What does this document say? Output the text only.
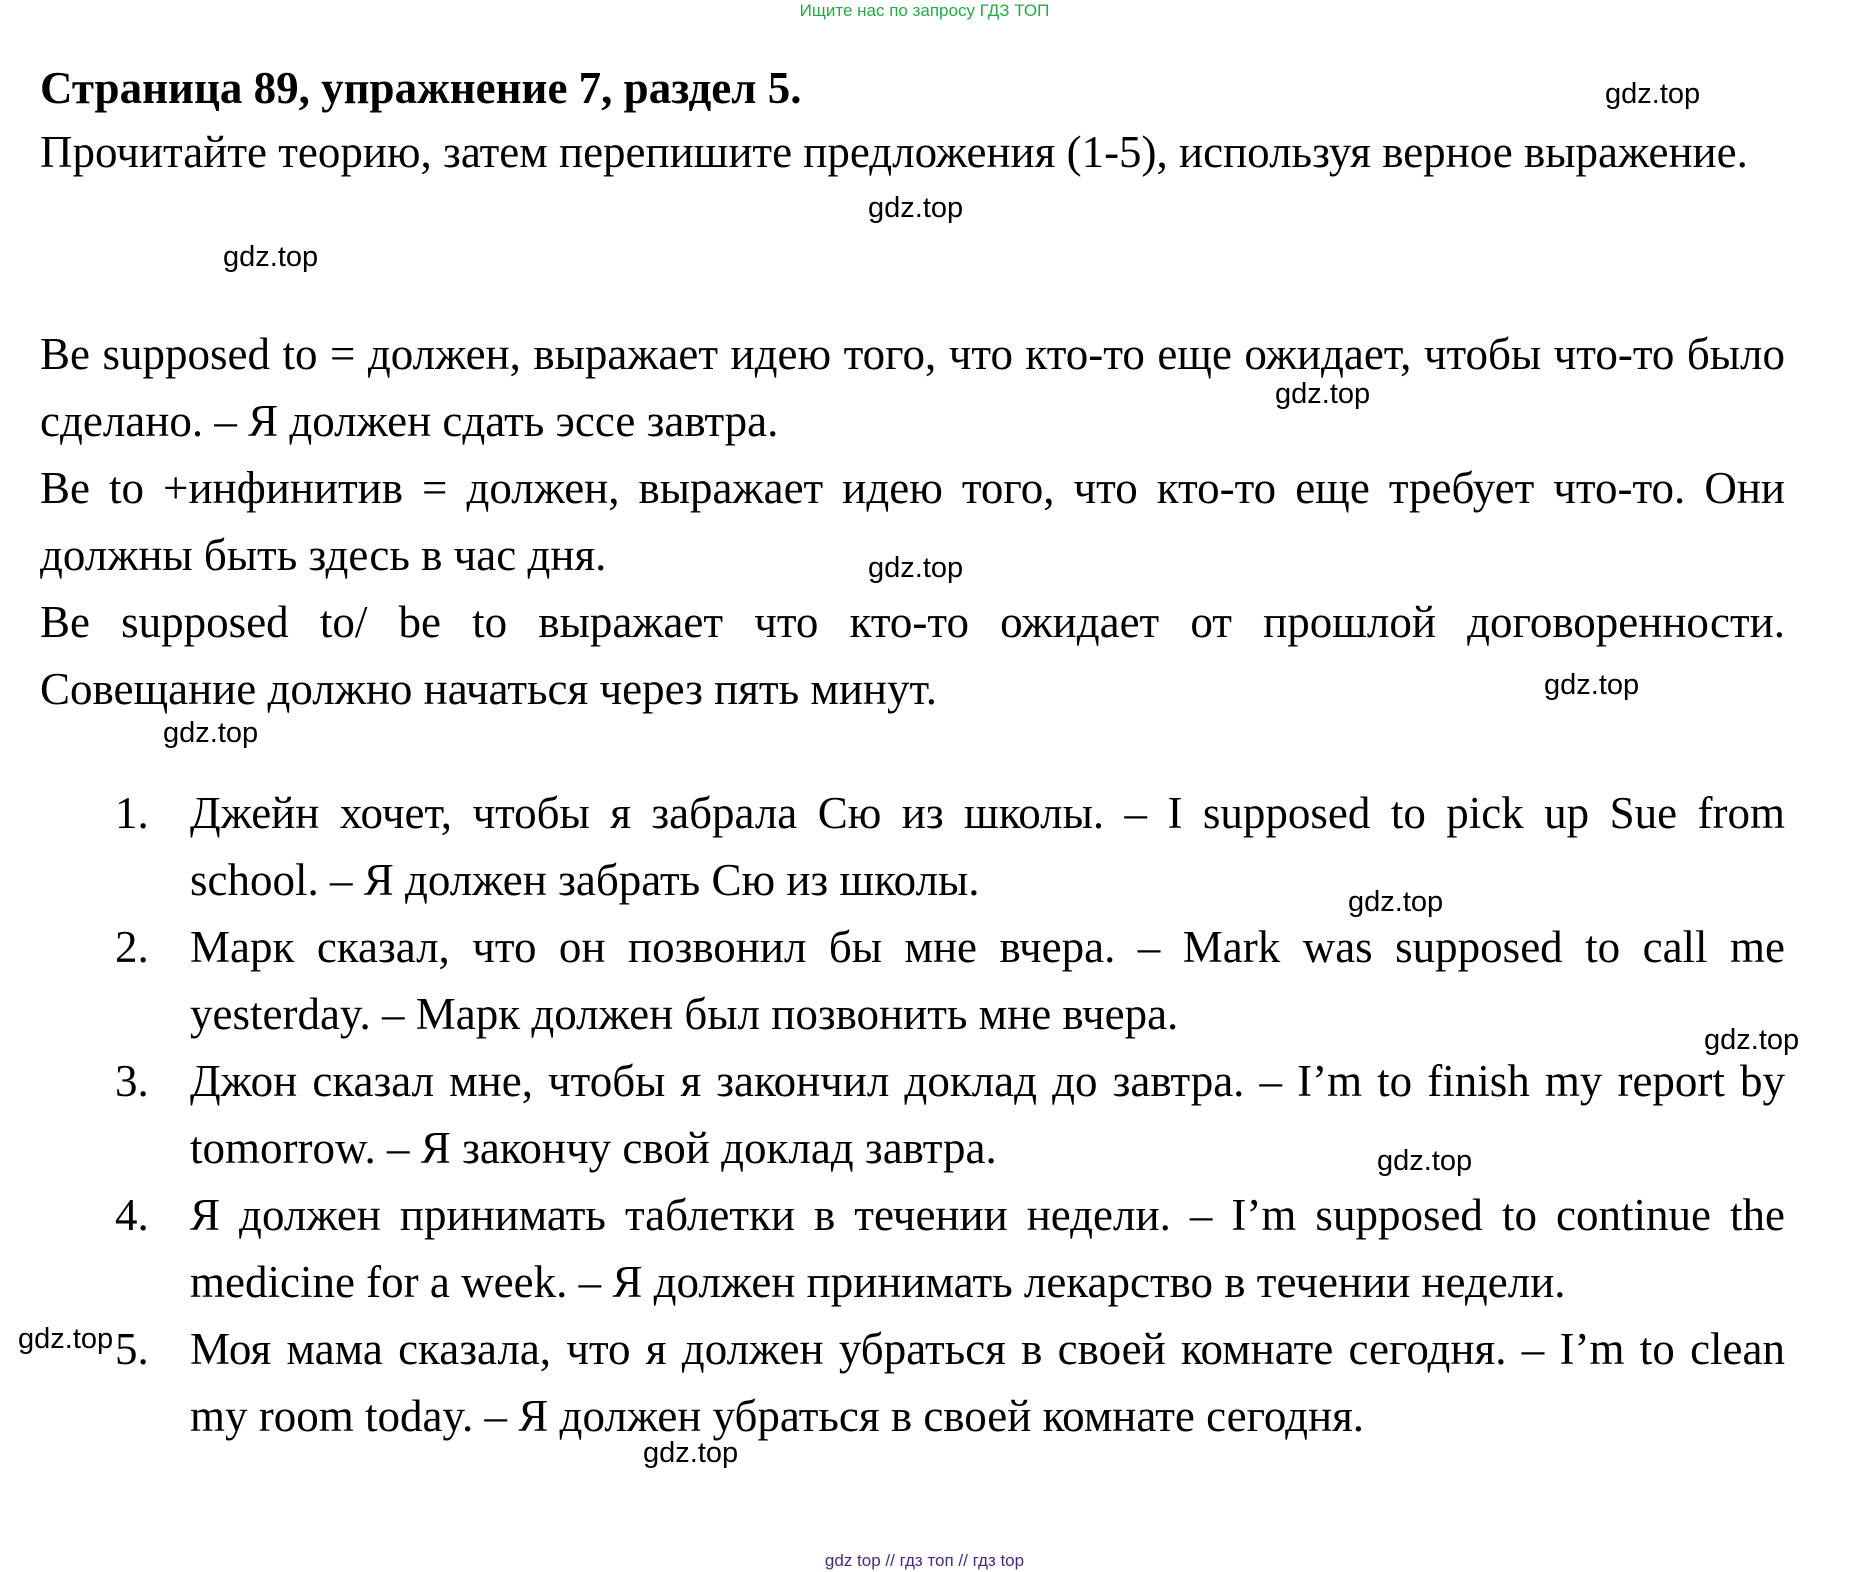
Ищите нас по запросу ГДЗ ТОП
Страница 89, упражнение 7, раздел 5.

Прочитайте теорию, затем перепишите предложения (1-5), используя верное выражение.

Be supposed to = должен, выражает идею того, что кто-то еще ожидает, чтобы что-то было сделано. – Я должен сдать эссе завтра.

Be to +инфинитив = должен, выражает идею того, что кто-то еще требует что-то. Они должны быть здесь в час дня.

Be supposed to/ be to выражает что кто-то ожидает от прошлой договоренности. Совещание должно начаться через пять минут.

1. Джейн хочет, чтобы я забрала Сю из школы. – I supposed to pick up Sue from school. – Я должен забрать Сю из школы.
2. Марк сказал, что он позвонил бы мне вчера. – Mark was supposed to call me yesterday. – Марк должен был позвонить мне вчера.
3. Джон сказал мне, чтобы я закончил доклад до завтра. – I’m to finish my report by tomorrow. – Я закончу свой доклад завтра.
4. Я должен принимать таблетки в течении недели. – I’m supposed to continue the medicine for a week. – Я должен принимать лекарство в течении недели.
5. Моя мама сказала, что я должен убраться в своей комнате сегодня. – I’m to clean my room today. – Я должен убраться в своей комнате сегодня.
gdz.top
gdz.top
gdz.top
gdz.top
gdz.top
gdz.top
gdz.top
gdz.top
gdz.top
gdz.top
gdz.top
gdz.top
gdz top // гдз топ // гдз top
